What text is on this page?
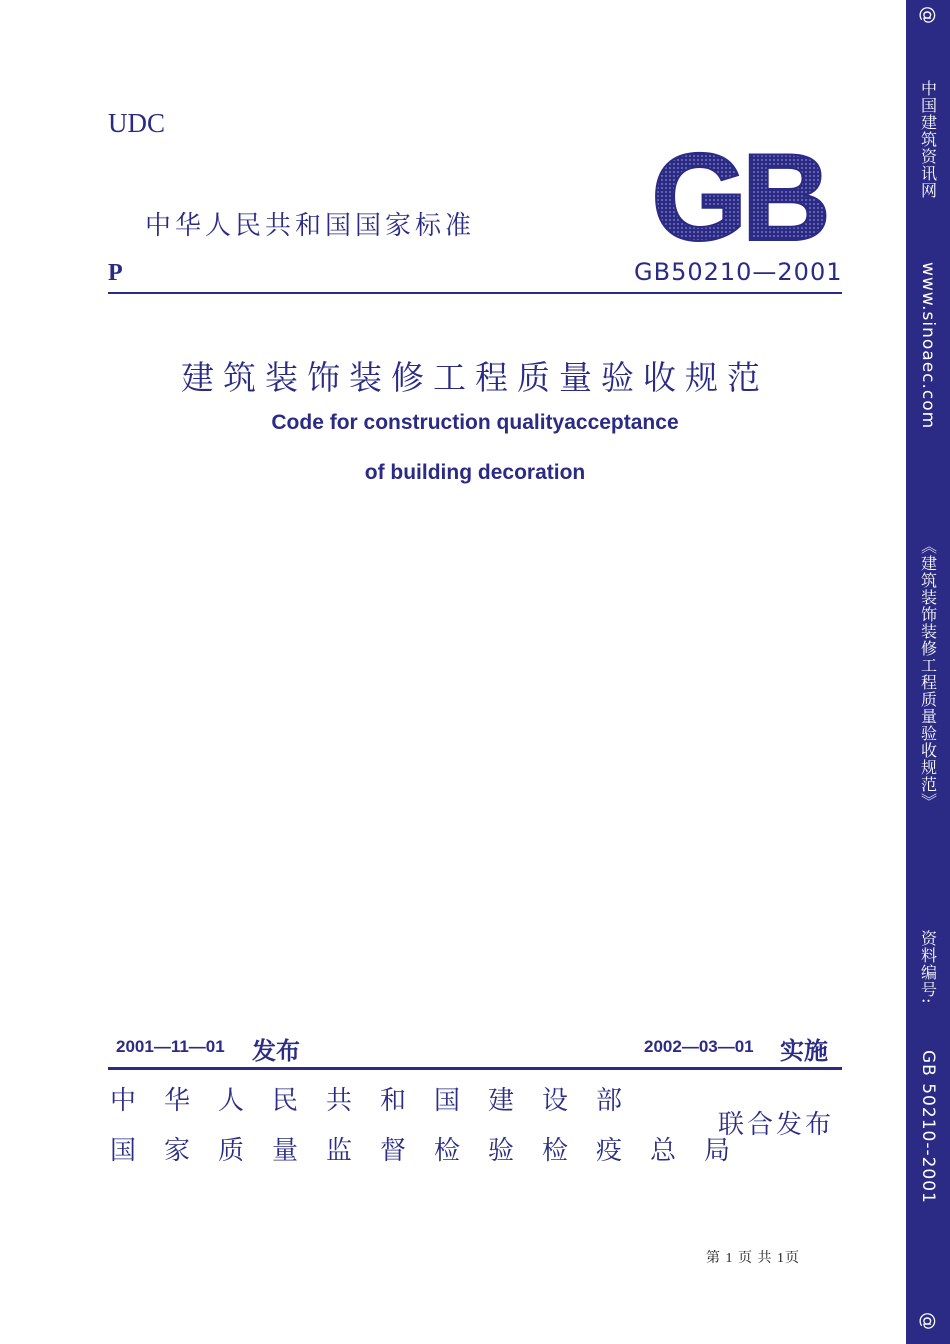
UDC
中华人民共和国国家标准 GB
P	GB50210—2001
建筑装饰装修工程质量验收规范
Code for construction qualityacceptance
of building decoration
2001—11—01 发布	2002—03—01 实施
中华人民共和国建设部
国家质量监督检验检疫总局
联合发布
第 1 页 共 1页
@
中国建筑资讯网
www.sinoaec.com
《建筑装饰装修工程质量验收规范》
资料编号:
GB 50210--2001
@
